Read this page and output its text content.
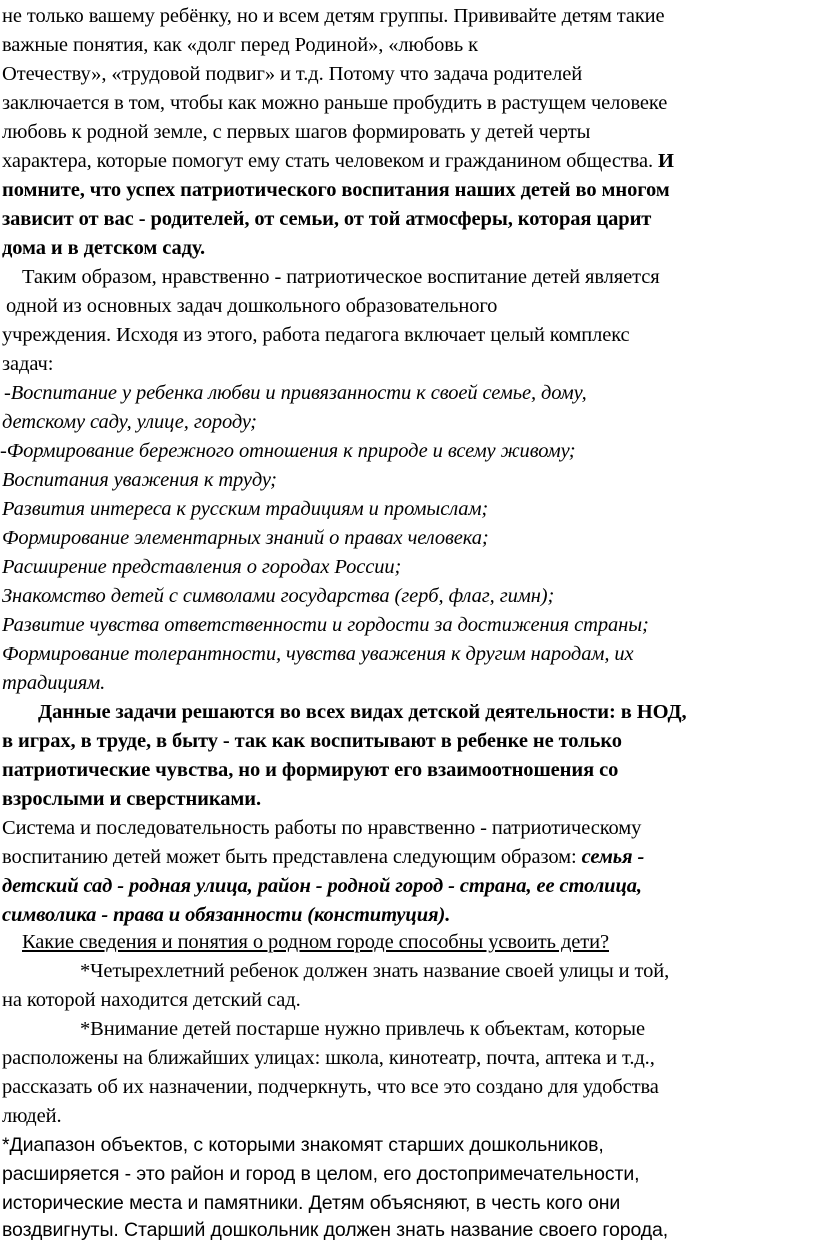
не только вашему ребёнку, но и всем детям группы. Прививайте детям такие
важные понятия, как «долг перед Родиной», «любовь к
Отечеству», «трудовой подвиг» и т.д. Потому что задача родителей
заключается в том, чтобы как можно раньше пробудить в растущем человеке
любовь к родной земле, с первых шагов формировать у детей черты
характера, которые помогут ему стать человеком и гражданином общества. И
помните, что успех патриотического воспитания наших детей во многом
зависит от вас - родителей, от семьи, от той атмосферы, которая царит
дома и в детском саду.
Таким образом, нравственно - патриотическое воспитание детей является
одной из основных задач дошкольного образовательного
учреждения. Исходя из этого, работа педагога включает целый комплекс
задач:
-Воспитание у ребенка любви и привязанности к своей семье, дому,
детскому саду, улице, городу;
-Формирование бережного отношения к природе и всему живому;
Воспитания уважения к труду;
Развития интереса к русским традициям и промыслам;
Формирование элементарных знаний о правах человека;
Расширение представления о городах России;
Знакомство детей с символами государства (герб, флаг, гимн);
Развитие чувства ответственности и гордости за достижения страны;
Формирование толерантности, чувства уважения к другим народам, их
традициям.
Данные задачи решаются во всех видах детской деятельности: в НОД,
в играх, в труде, в быту - так как воспитывают в ребенке не только
патриотические чувства, но и формируют его взаимоотношения со
взрослыми и сверстниками.
Система и последовательность работы по нравственно - патриотическому
воспитанию детей может быть представлена следующим образом: семья -
детский сад - родная улица, район - родной город - страна, ее столица,
символика - права и обязанности (конституция).
Какие сведения и понятия о родном городе способны усвоить дети?
*Четырехлетний ребенок должен знать название своей улицы и той,
на которой находится детский сад.
*Внимание детей постарше нужно привлечь к объектам, которые
расположены на ближайших улицах: школа, кинотеатр, почта, аптека и т.д.,
рассказать об их назначении, подчеркнуть, что все это создано для удобства
людей.
*Диапазон объектов, с которыми знакомят старших дошкольников,
расширяется - это район и город в целом, его достопримечательности,
исторические места и памятники. Детям объясняют, в честь кого они
воздвигнуты. Старший дошкольник должен знать название своего города,
